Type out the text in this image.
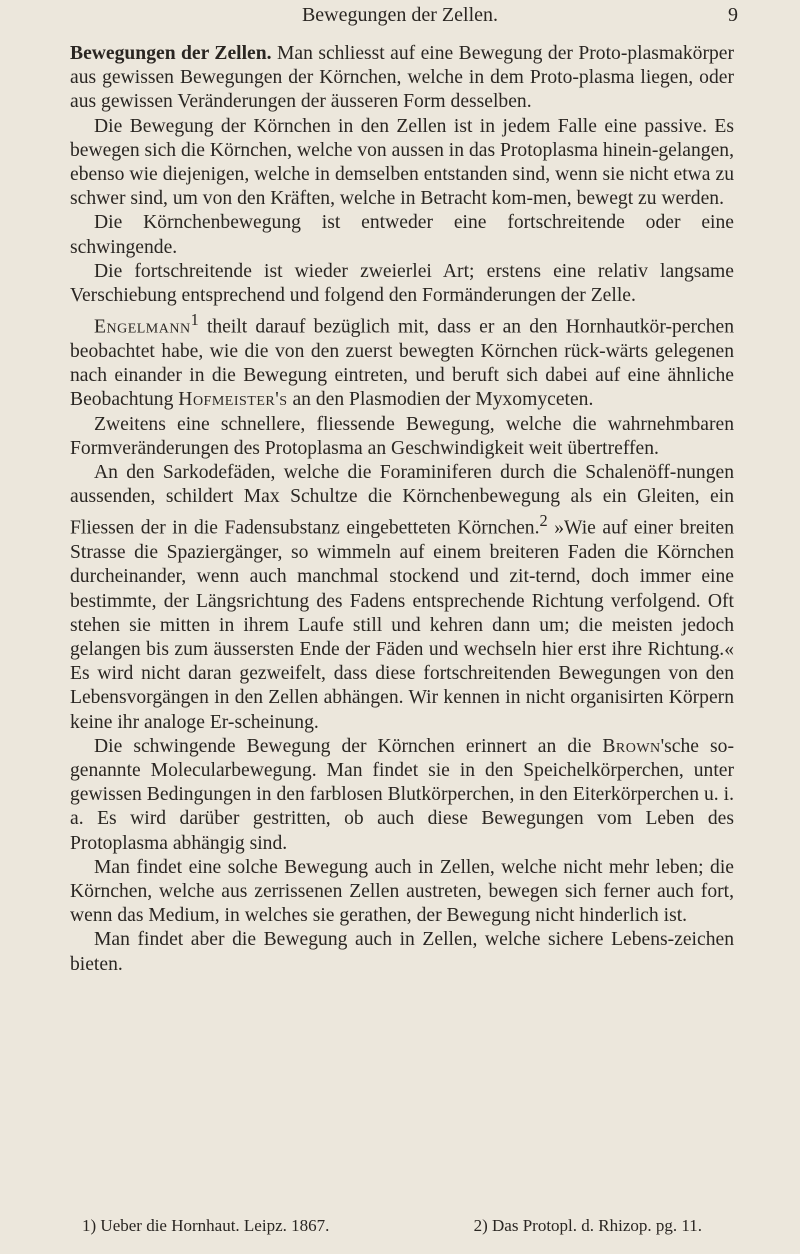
Bewegungen der Zellen.	9

Bewegungen der Zellen. Man schliesst auf eine Bewegung der Proto-plasmakörper aus gewissen Bewegungen der Körnchen, welche in dem Proto-plasma liegen, oder aus gewissen Veränderungen der äusseren Form desselben.

Die Bewegung der Körnchen in den Zellen ist in jedem Falle eine passive. Es bewegen sich die Körnchen, welche von aussen in das Protoplasma hinein-gelangen, ebenso wie diejenigen, welche in demselben entstanden sind, wenn sie nicht etwa zu schwer sind, um von den Kräften, welche in Betracht kom-men, bewegt zu werden.

Die Körnchenbewegung ist entweder eine fortschreitende oder eine schwingende.

Die fortschreitende ist wieder zweierlei Art; erstens eine relativ langsame Verschiebung entsprechend und folgend den Formänderungen der Zelle.

Engelmann$^1$ theilt darauf bezüglich mit, dass er an den Hornhautkör-perchen beobachtet habe, wie die von den zuerst bewegten Körnchen rück-wärts gelegenen nach einander in die Bewegung eintreten, und beruft sich dabei auf eine ähnliche Beobachtung Hofmeister's an den Plasmodien der Myxomyceten.

Zweitens eine schnellere, fliessende Bewegung, welche die wahrnehmbaren Formveränderungen des Protoplasma an Geschwindigkeit weit übertreffen.

An den Sarkodefäden, welche die Foraminiferen durch die Schalenöff-nungen aussenden, schildert Max Schultze die Körnchenbewegung als ein Gleiten, ein Fliessen der in die Fadensubstanz eingebetteten Körnchen.$^2$ »Wie auf einer breiten Strasse die Spaziergänger, so wimmeln auf einem breiteren Faden die Körnchen durcheinander, wenn auch manchmal stockend und zit-ternd, doch immer eine bestimmte, der Längsrichtung des Fadens entsprechende Richtung verfolgend. Oft stehen sie mitten in ihrem Laufe still und kehren dann um; die meisten jedoch gelangen bis zum äussersten Ende der Fäden und wechseln hier erst ihre Richtung.« Es wird nicht daran gezweifelt, dass diese fortschreitenden Bewegungen von den Lebensvorgängen in den Zellen abhängen. Wir kennen in nicht organisirten Körpern keine ihr analoge Er-scheinung.

Die schwingende Bewegung der Körnchen erinnert an die Brown'sche so-genannte Molecularbewegung. Man findet sie in den Speichelkörperchen, unter gewissen Bedingungen in den farblosen Blutkörperchen, in den Eiterkörperchen u. i. a. Es wird darüber gestritten, ob auch diese Bewegungen vom Leben des Protoplasma abhängig sind.

Man findet eine solche Bewegung auch in Zellen, welche nicht mehr leben; die Körnchen, welche aus zerrissenen Zellen austreten, bewegen sich ferner auch fort, wenn das Medium, in welches sie gerathen, der Bewegung nicht hinderlich ist.

Man findet aber die Bewegung auch in Zellen, welche sichere Lebens-zeichen bieten.

1) Ueber die Hornhaut. Leipz. 1867.	2) Das Protopl. d. Rhizop. pg. 11.
